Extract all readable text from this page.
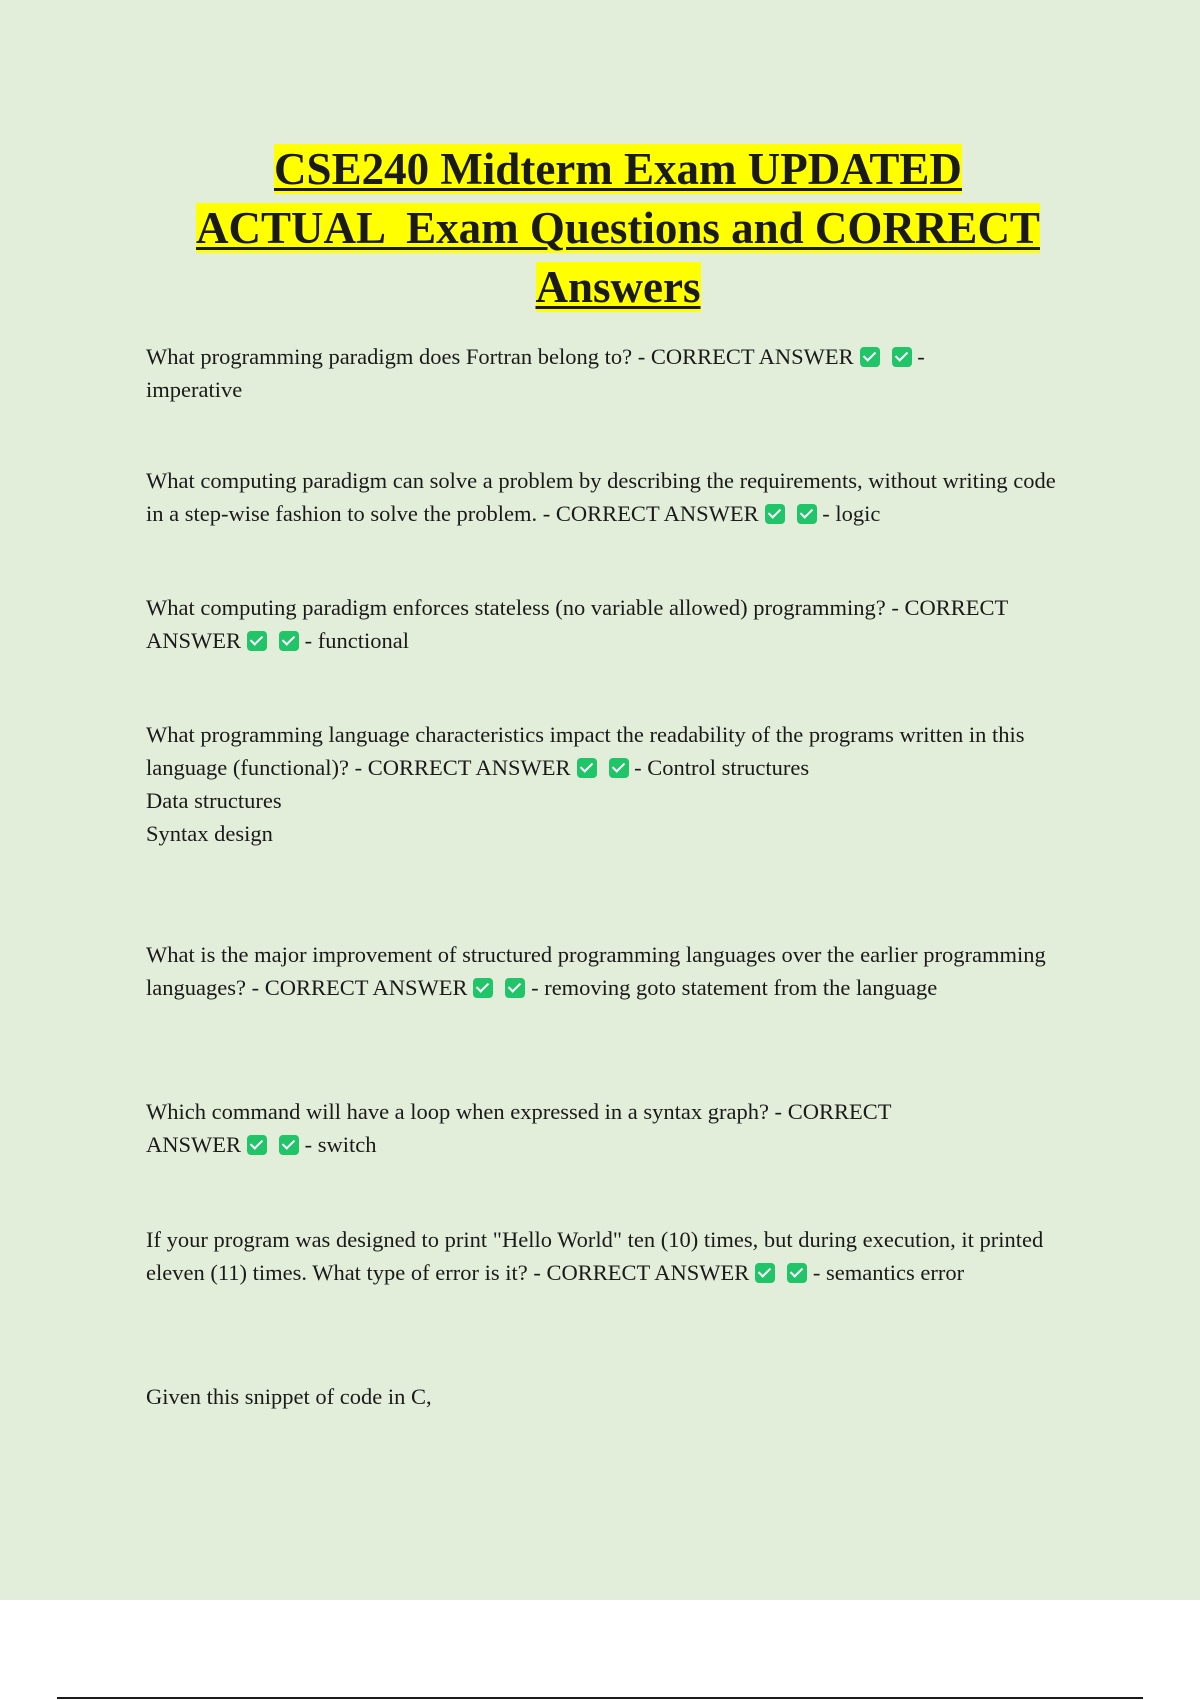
CSE240 Midterm Exam UPDATED
ACTUAL  Exam Questions and CORRECT
Answers

What programming paradigm does Fortran belong to? - CORRECT ANSWER	- imperative

What computing paradigm can solve a problem by describing the requirements, without writing code in a step-wise fashion to solve the problem. - CORRECT ANSWER	- logic

What computing paradigm enforces stateless (no variable allowed) programming? - CORRECT ANSWER	- functional

What programming language characteristics impact the readability of the programs written in this language (functional)? - CORRECT ANSWER	- Control structures

Data structures

Syntax design

What is the major improvement of structured programming languages over the earlier programming languages? - CORRECT ANSWER	- removing goto statement from the language

Which command will have a loop when expressed in a syntax graph? - CORRECT ANSWER	- switch

If your program was designed to print "Hello World" ten (10) times, but during execution, it printed eleven (11) times. What type of error is it? - CORRECT ANSWER	- semantics error

Given this snippet of code in C,
